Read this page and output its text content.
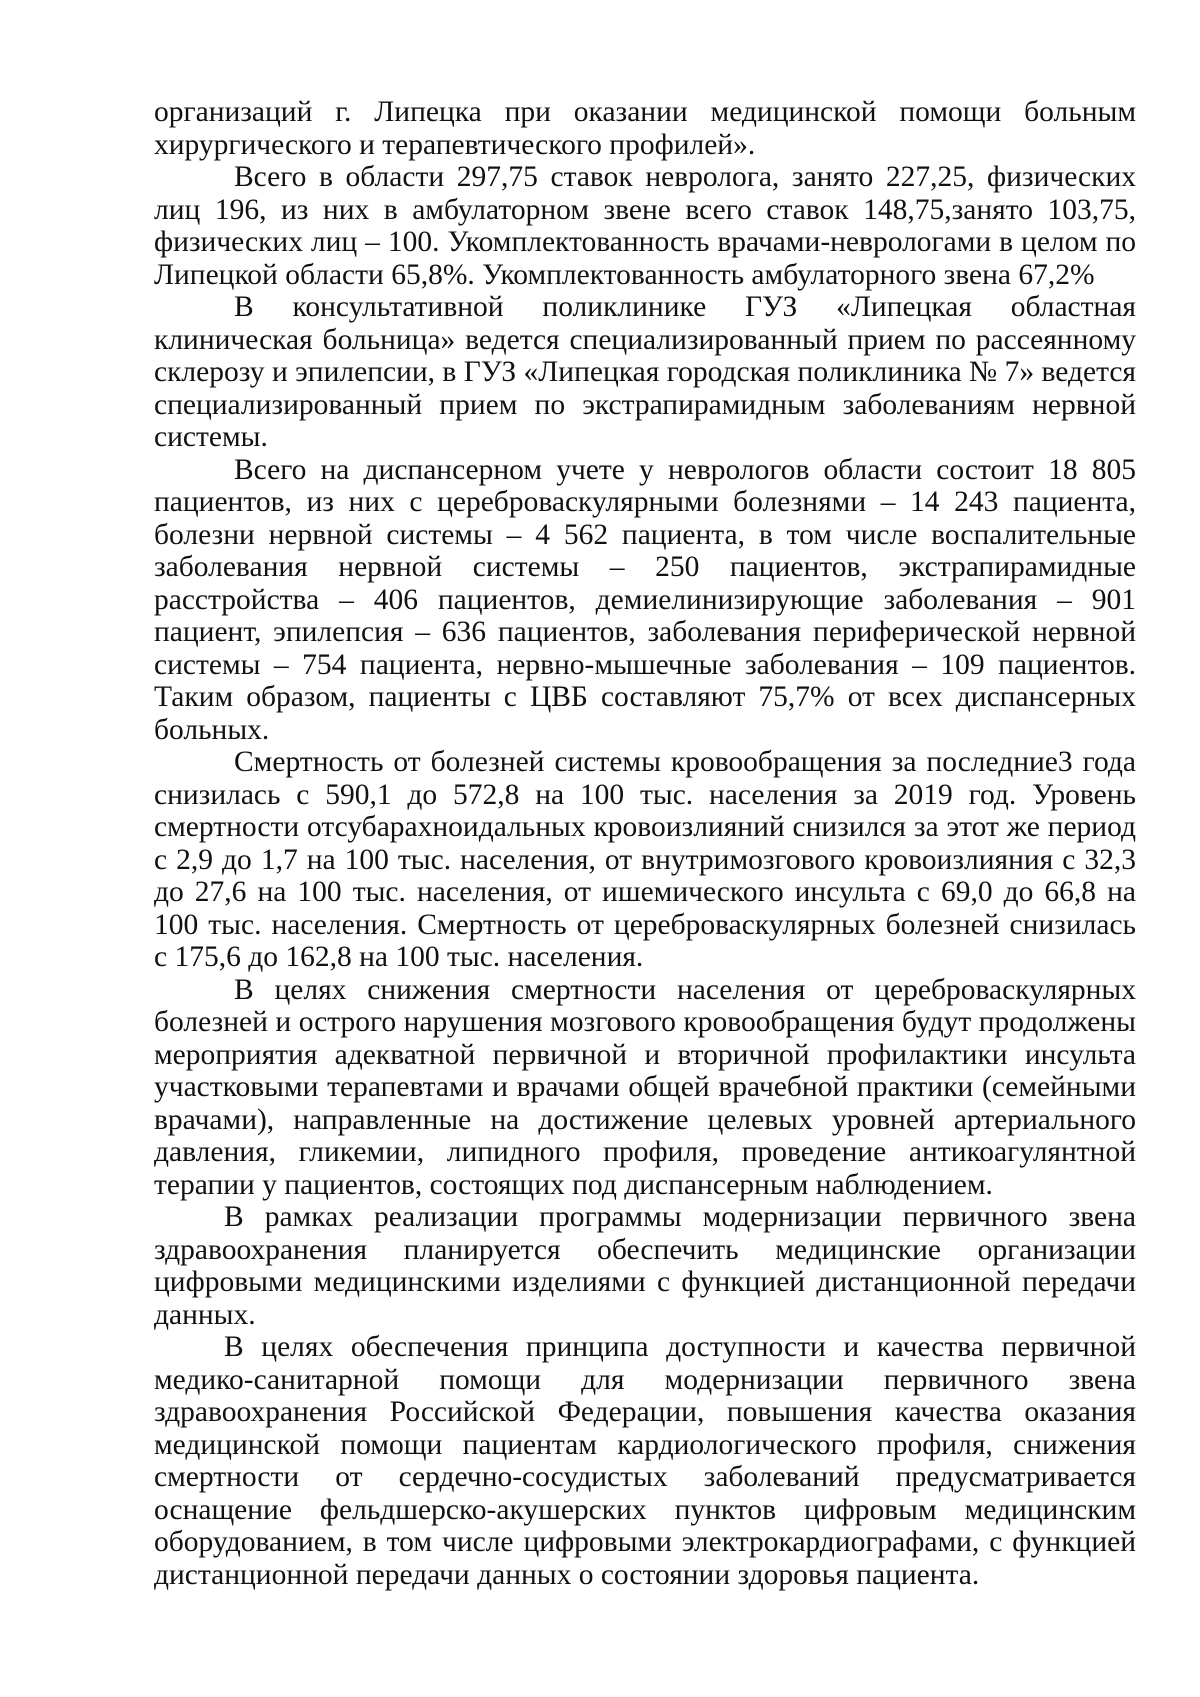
организаций г. Липецка при оказании медицинской помощи больным хирургического и терапевтического профилей».

Всего в области 297,75 ставок невролога, занято 227,25, физических лиц 196, из них в амбулаторном звене всего ставок 148,75,занято 103,75, физических лиц – 100. Укомплектованность врачами-неврологами в целом по Липецкой области 65,8%. Укомплектованность амбулаторного звена 67,2%

В консультативной поликлинике ГУЗ «Липецкая областная клиническая больница» ведется специализированный прием по рассеянному склерозу и эпилепсии, в ГУЗ «Липецкая городская поликлиника № 7» ведется специализированный прием по экстрапирамидным заболеваниям нервной системы.

Всего на диспансерном учете у неврологов области состоит 18 805 пациентов, из них с цереброваскулярными болезнями – 14 243 пациента, болезни нервной системы – 4 562 пациента, в том числе воспалительные заболевания нервной системы – 250 пациентов, экстрапирамидные расстройства – 406 пациентов, демиелинизирующие заболевания – 901 пациент, эпилепсия – 636 пациентов, заболевания периферической нервной системы – 754 пациента, нервно-мышечные заболевания – 109 пациентов. Таким образом, пациенты с ЦВБ составляют 75,7% от всех диспансерных больных.

Смертность от болезней системы кровообращения за последние3 года снизилась с 590,1 до 572,8 на 100 тыс. населения за 2019 год. Уровень смертности отсубарахноидальных кровоизлияний снизился за этот же период с 2,9 до 1,7 на 100 тыс. населения, от внутримозгового кровоизлияния с 32,3 до 27,6 на 100 тыс. населения, от ишемического инсульта с 69,0 до 66,8 на 100 тыс. населения. Смертность от цереброваскулярных болезней снизилась с 175,6 до 162,8 на 100 тыс. населения.

В целях снижения смертности населения от цереброваскулярных болезней и острого нарушения мозгового кровообращения будут продолжены мероприятия адекватной первичной и вторичной профилактики инсульта участковыми терапевтами и врачами общей врачебной практики (семейными врачами), направленные на достижение целевых уровней артериального давления, гликемии, липидного профиля, проведение антикоагулянтной терапии у пациентов, состоящих под диспансерным наблюдением.

В рамках реализации программы модернизации первичного звена здравоохранения планируется обеспечить медицинские организации цифровыми медицинскими изделиями с функцией дистанционной передачи данных.

В целях обеспечения принципа доступности и качества первичной медико-санитарной помощи для модернизации первичного звена здравоохранения Российской Федерации, повышения качества оказания медицинской помощи пациентам кардиологического профиля, снижения смертности от сердечно-сосудистых заболеваний предусматривается оснащение фельдшерско-акушерских пунктов цифровым медицинским оборудованием, в том числе цифровыми электрокардиографами, с функцией дистанционной передачи данных о состоянии здоровья пациента.
